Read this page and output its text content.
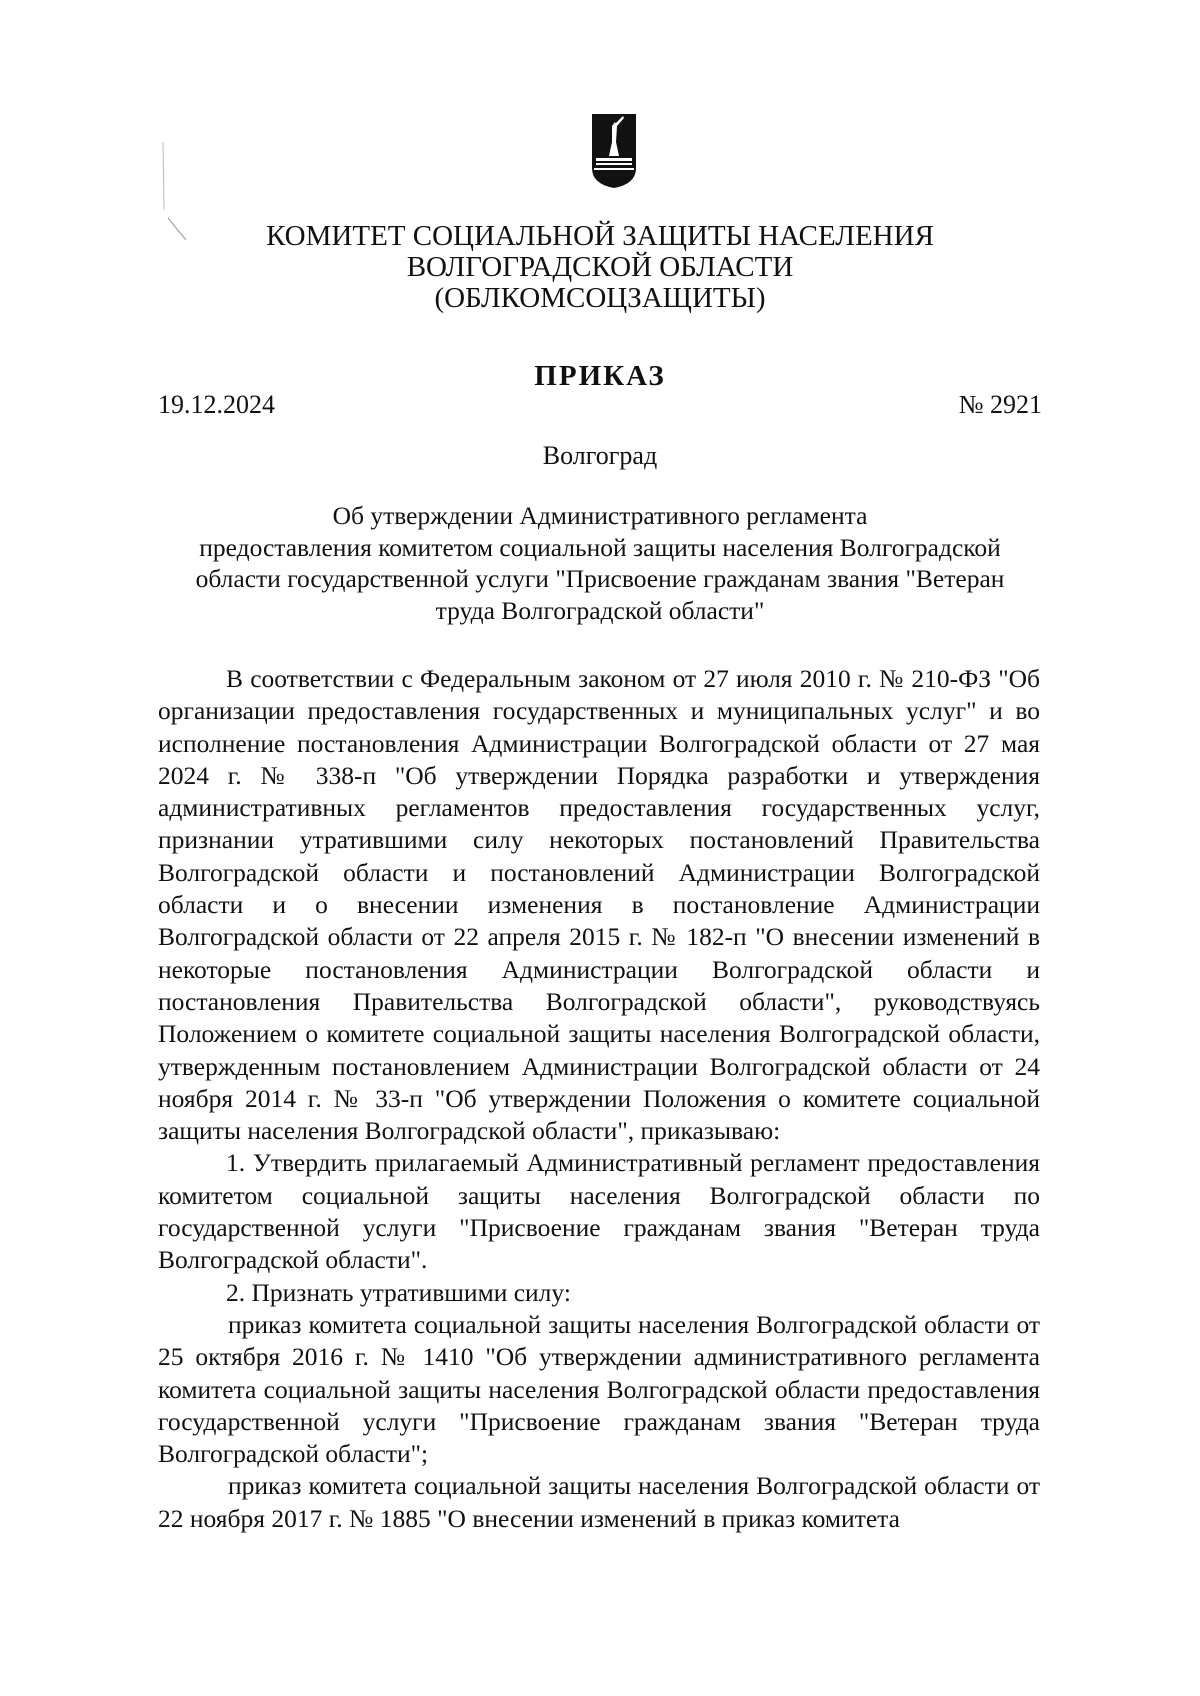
КОМИТЕТ СОЦИАЛЬНОЙ ЗАЩИТЫ НАСЕЛЕНИЯ
ВОЛГОГРАДСКОЙ ОБЛАСТИ
(ОБЛКОМСОЦЗАЩИТЫ)
ПРИКАЗ
19.12.2024	№ 2921
Волгоград
Об утверждении Административного регламента
предоставления комитетом социальной защиты населения Волгоградской
области государственной услуги "Присвоение гражданам звания "Ветеран
труда Волгоградской области"

В соответствии с Федеральным законом от 27 июля 2010 г. № 210-ФЗ "Об организации предоставления государственных и муниципальных услуг" и во исполнение постановления Администрации Волгоградской области от 27 мая 2024 г. № 338-п "Об утверждении Порядка разработки и утверждения административных регламентов предоставления государственных услуг, признании утратившими силу некоторых постановлений Правительства Волгоградской области и постановлений Администрации Волгоградской области и о внесении изменения в постановление Администрации Волгоградской области от 22 апреля 2015 г. № 182-п "О внесении изменений в некоторые постановления Администрации Волгоградской области и постановления Правительства Волгоградской области", руководствуясь Положением о комитете социальной защиты населения Волгоградской области, утвержденным постановлением Администрации Волгоградской области от 24 ноября 2014 г. № 33-п "Об утверждении Положения о комитете социальной защиты населения Волгоградской области", приказываю:

1. Утвердить прилагаемый Административный регламент предоставления комитетом социальной защиты населения Волгоградской области по государственной услуги "Присвоение гражданам звания "Ветеран труда Волгоградской области".

2. Признать утратившими силу:

приказ комитета социальной защиты населения Волгоградской области от 25 октября 2016 г. № 1410 "Об утверждении административного регламента комитета социальной защиты населения Волгоградской области предоставления государственной услуги "Присвоение гражданам звания "Ветеран труда Волгоградской области";

приказ комитета социальной защиты населения Волгоградской области от 22 ноября 2017 г. № 1885 "О внесении изменений в приказ комитета
